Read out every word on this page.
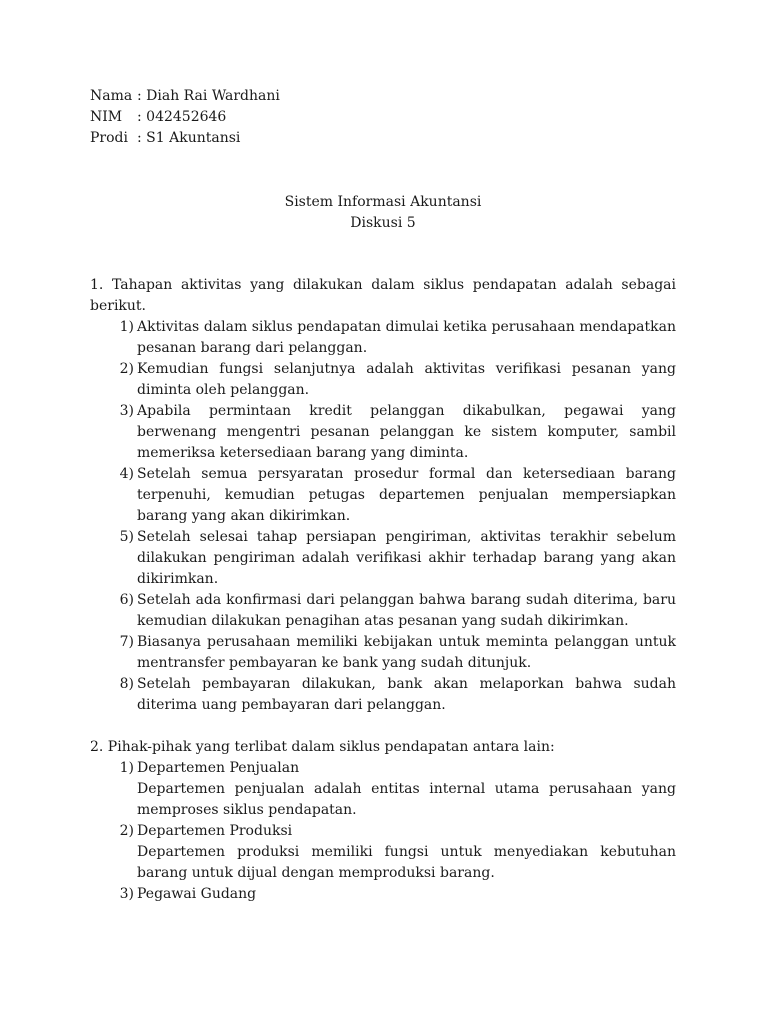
Nama : Diah Rai Wardhani
NIM	: 042452646
Prodi : S1 Akuntansi
Sistem Informasi Akuntansi
Diskusi 5

1. Tahapan aktivitas yang dilakukan dalam siklus pendapatan adalah sebagai berikut.

1) Aktivitas dalam siklus pendapatan dimulai ketika perusahaan mendapatkan pesanan barang dari pelanggan.
2) Kemudian fungsi selanjutnya adalah aktivitas verifikasi pesanan yang diminta oleh pelanggan.
3) Apabila permintaan kredit pelanggan dikabulkan, pegawai yang berwenang mengentri pesanan pelanggan ke sistem komputer, sambil memeriksa ketersediaan barang yang diminta.
4) Setelah semua persyaratan prosedur formal dan ketersediaan barang terpenuhi, kemudian petugas departemen penjualan mempersiapkan barang yang akan dikirimkan.
5) Setelah selesai tahap persiapan pengiriman, aktivitas terakhir sebelum dilakukan pengiriman adalah verifikasi akhir terhadap barang yang akan dikirimkan.
6) Setelah ada konfirmasi dari pelanggan bahwa barang sudah diterima, baru kemudian dilakukan penagihan atas pesanan yang sudah dikirimkan.
7) Biasanya perusahaan memiliki kebijakan untuk meminta pelanggan untuk mentransfer pembayaran ke bank yang sudah ditunjuk.
8) Setelah pembayaran dilakukan, bank akan melaporkan bahwa sudah diterima uang pembayaran dari pelanggan.

2. Pihak-pihak yang terlibat dalam siklus pendapatan antara lain:

1) Departemen Penjualan
Departemen penjualan adalah entitas internal utama perusahaan yang memproses siklus pendapatan.
2) Departemen Produksi
Departemen produksi memiliki fungsi untuk menyediakan kebutuhan barang untuk dijual dengan memproduksi barang.
3) Pegawai Gudang
